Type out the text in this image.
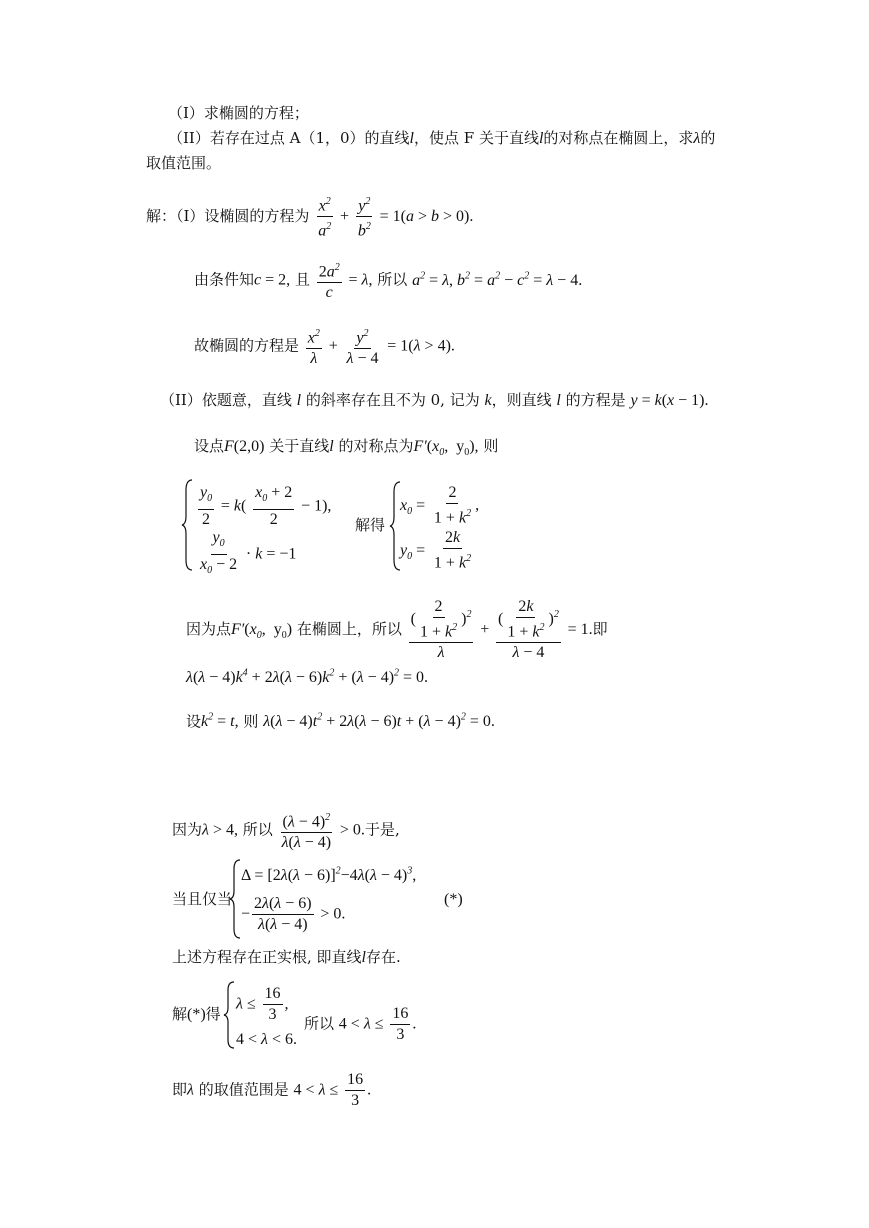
（I）求椭圆的方程；
（II）若存在过点 A（1，0）的直线l，使点 F 关于直线l的对称点在椭圆上，求λ的
取值范围。
解：（I）设椭圆的方程为 $\frac{x^2}{a^2} + \frac{y^2}{b^2} = 1(a > b > 0)$.
由条件知c = 2, 且 $\frac{2a^2}{c} = \lambda$, 所以 $a^2 = \lambda$, $b^2 = a^2 - c^2 = \lambda - 4$.
故椭圆的方程是 $\frac{x^2}{\lambda} + \frac{y^2}{\lambda - 4} = 1(\lambda > 4)$.
（II）依题意，直线 l 的斜率存在且不为 0, 记为 k，则直线 l 的方程是 y = k(x − 1).
设点F(2,0) 关于直线l 的对称点为$F'(x_0$,  $y_0$), 则
$\frac{y_0}{2} = k( \frac{x_0 + 2}{2} - 1)$,
$\frac{y_0}{x_0 - 2} \cdot k = -1$
解得
$x_0 = \frac{2}{1 + k^2}$ ,
$y_0 = \frac{2k}{1 + k^2}$
因为点$F'(x_0$,  $y_0$) 在椭圆上，所以 $\frac{( \frac{2}{1 + k^2} )^2}{\lambda} + \frac{( \frac{2k}{1 + k^2} )^2}{\lambda - 4} = 1$.即
$\lambda(\lambda - 4)k^4 + 2\lambda(\lambda - 6)k^2 + (\lambda - 4)^2 = 0$.
设$k^2 = t$, 则 $\lambda(\lambda - 4)t^2 + 2\lambda(\lambda - 6)t + (\lambda - 4)^2 = 0$.
因为λ > 4, 所以 $\frac{(\lambda - 4)^2}{\lambda(\lambda - 4)} > 0$.于是,
当且仅当
$\Delta = [2\lambda(\lambda - 6)]^2-4\lambda(\lambda - 4)^3$,
− $\frac{2\lambda(\lambda - 6)}{\lambda(\lambda - 4)} > 0$.
(*)
上述方程存在正实根, 即直线l存在.
解(*)得
$\lambda \le \frac{16}{3}$ ,
4 < λ < 6.
所以 $4 < \lambda \le \frac{16}{3}$ .
即λ 的取值范围是 $4 < \lambda \le \frac{16}{3}$ .
